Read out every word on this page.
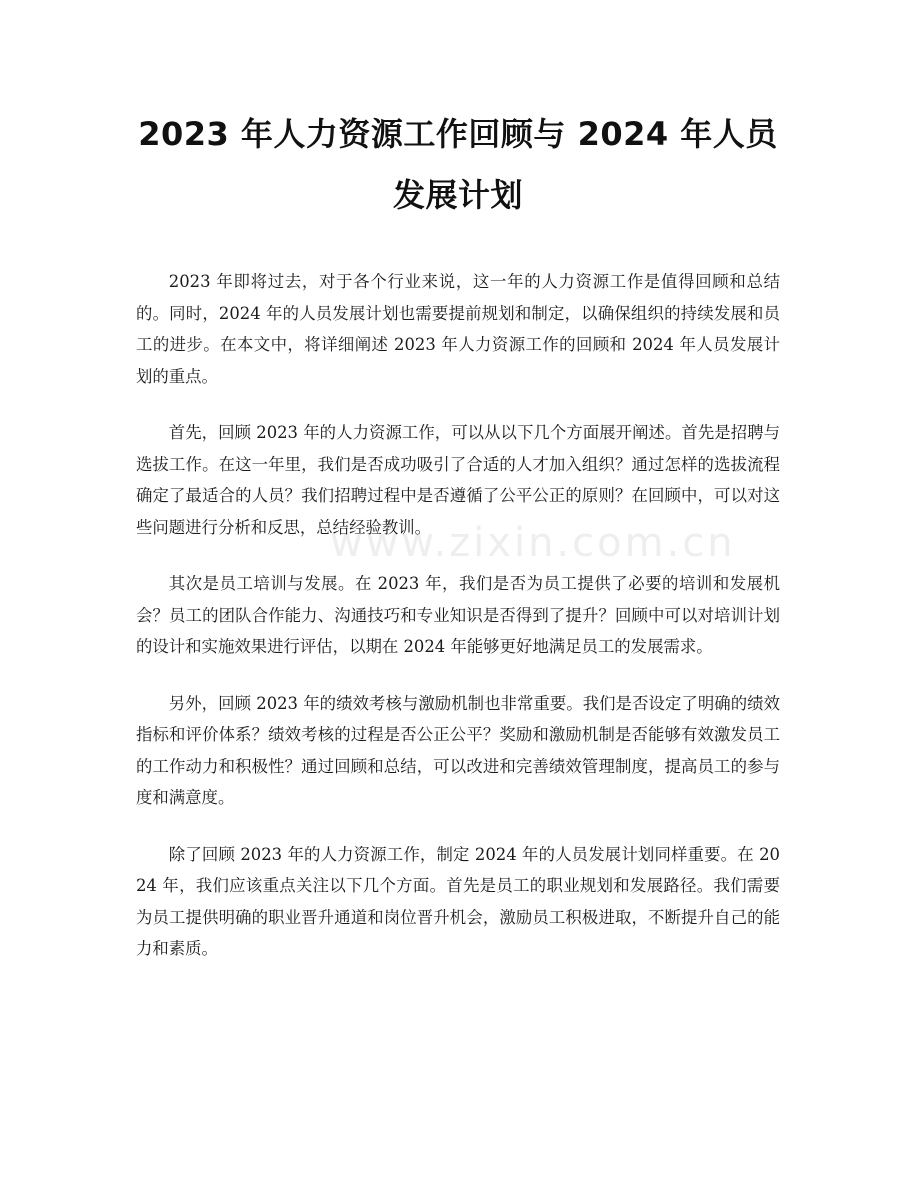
2023 年人力资源工作回顾与 2024 年人员发展计划

2023 年即将过去，对于各个行业来说，这一年的人力资源工作是值得回顾和总结的。同时，2024 年的人员发展计划也需要提前规划和制定，以确保组织的持续发展和员工的进步。在本文中，将详细阐述 2023 年人力资源工作的回顾和 2024 年人员发展计划的重点。

首先，回顾 2023 年的人力资源工作，可以从以下几个方面展开阐述。首先是招聘与选拔工作。在这一年里，我们是否成功吸引了合适的人才加入组织？通过怎样的选拔流程确定了最适合的人员？我们招聘过程中是否遵循了公平公正的原则？在回顾中，可以对这些问题进行分析和反思，总结经验教训。

其次是员工培训与发展。在 2023 年，我们是否为员工提供了必要的培训和发展机会？员工的团队合作能力、沟通技巧和专业知识是否得到了提升？回顾中可以对培训计划的设计和实施效果进行评估，以期在 2024 年能够更好地满足员工的发展需求。

另外，回顾 2023 年的绩效考核与激励机制也非常重要。我们是否设定了明确的绩效指标和评价体系？绩效考核的过程是否公正公平？奖励和激励机制是否能够有效激发员工的工作动力和积极性？通过回顾和总结，可以改进和完善绩效管理制度，提高员工的参与度和满意度。

除了回顾 2023 年的人力资源工作，制定 2024 年的人员发展计划同样重要。在 2024 年，我们应该重点关注以下几个方面。首先是员工的职业规划和发展路径。我们需要为员工提供明确的职业晋升通道和岗位晋升机会，激励员工积极进取，不断提升自己的能力和素质。

www.zixin.com.cn
